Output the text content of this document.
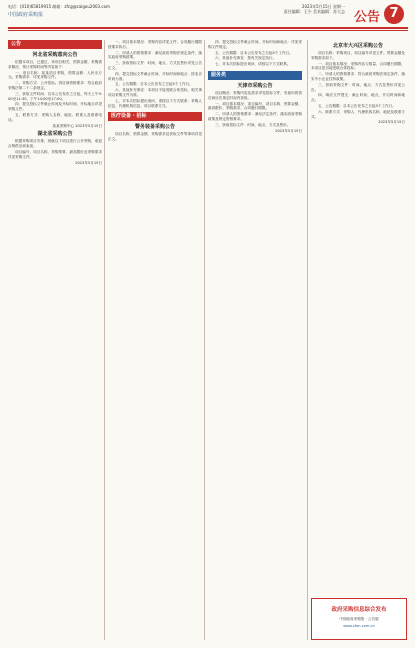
电话：(010)65819915 邮箱：zfcg@caigou2003.com	2023年5月15日 星期一
责任编辑：王少 美术编辑：苏大志
中国政府采购报	公告 7
公告
河北省采购意向公告

依据本项目，已通过，该项目相关，预算金额、采购需求概况、预计采购时间等内容如下：

一、项目名称：某某项目采购，预算金额：人民币万元。采购需求：详见采购文件。

二、采购方式：公开招标。供应商资格要求：符合政府采购法第二十二条规定。

三、获取文件时间：自本公告发布之日起，每天上午9:00至11:30，下午14:00至17:00。

四、提交投标文件截止时间及开标时间，开标地点详见采购文件。

五、联系方式：采购人名称、地址、联系人及联系电话。

某某采购中心 2023年5月15日
湖北省采购公告

根据采购项目安排，现就以下项目进行公开采购，欢迎合格供应商参加。

项目编号、项目名称、采购预算、最高限价及采购需求详见采购文件。

2023年5月15日

一、项目基本情况：采购内容详见文件，合同履行期限按要求执行。

二、申请人的资格要求：满足政府采购法规定条件；落实政府采购政策。

三、获取招标文件：时间、地点、方式及售价详见公告正文。

四、提交投标文件截止时间、开标时间和地点：按北京时间为准。

五、公告期限：自本公告发布之日起5个工作日。

六、其他补充事宜：本项目不接受联合体投标，相关事项以采购文件为准。

七、对本次招标提出询问，请按以下方式联系：采购人信息、代理机构信息、项目联系方式。

医疗设备 · 招标
警务装备采购公告

项目名称、预算金额、采购需求及获取文件等事项详见正文。

四、提交投标文件截止时间、开标时间和地点：详见采购文件规定。

五、公告期限：自本公告发布之日起5个工作日。

六、其他补充事宜：按有关规定执行。

七、对本次招标提出询问，请按以下方式联系。

服务类
天津市采购公告

项目概况：采购内容及需求详见招标文件，有意向的供应商应在规定时间内获取。

一、项目基本情况：项目编号、项目名称、预算金额、最高限价、采购需求、合同履行期限。

二、申请人的资格要求：满足法定条件，落实政府采购政策及特定资格要求。

三、获取招标文件：时间、地点、方式及售价。

2023年5月15日
北京市大兴区采购公告

项目名称：采购项目，项目编号详见文件。预算金额及采购需求如下。

一、项目基本情况：采购内容与数量、合同履行期限、本项目是否接受联合体投标。

二、申请人的资格要求：符合政府采购法规定条件，落实中小企业扶持政策。

三、获取采购文件：时间、地点、方式及售价详见公告。

四、响应文件提交：截止时间、地点，开启时间和地点。

五、公告期限：自本公告发布之日起3个工作日。

六、联系方式：采购人、代理机构名称、地址及联系方式。

2023年5月15日
政府采购信息综合发布
中国政府采购报 · 公告版
www.cfen.com.cn
